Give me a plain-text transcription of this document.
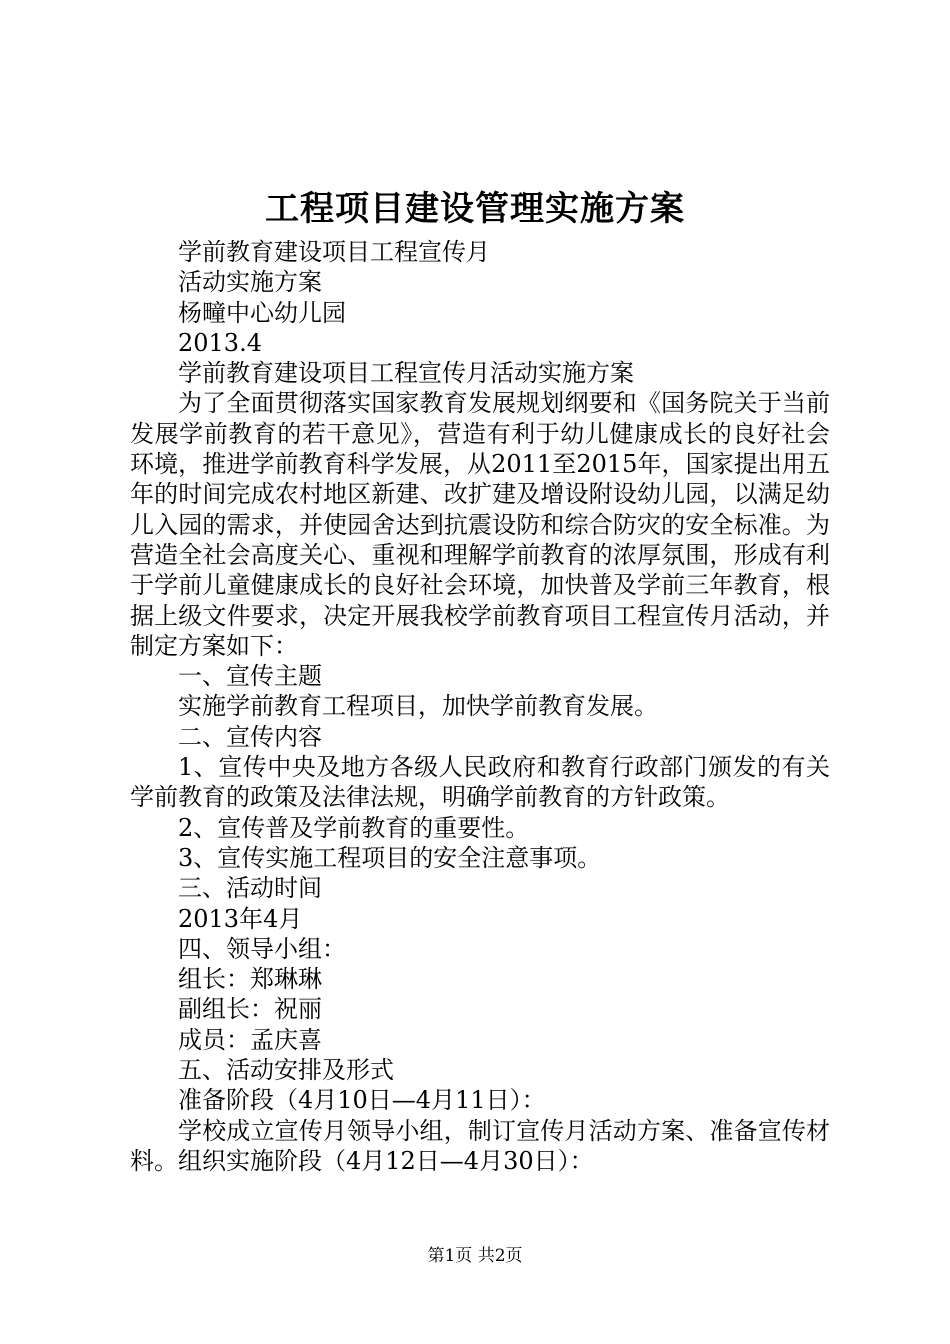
工程项目建设管理实施方案

学前教育建设项目工程宣传月

活动实施方案

杨疃中心幼儿园

2013.4

学前教育建设项目工程宣传月活动实施方案

为了全面贯彻落实国家教育发展规划纲要和《国务院关于当前发展学前教育的若干意见》，营造有利于幼儿健康成长的良好社会环境，推进学前教育科学发展，从2011至2015年，国家提出用五年的时间完成农村地区新建、改扩建及增设附设幼儿园，以满足幼儿入园的需求，并使园舍达到抗震设防和综合防灾的安全标准。为营造全社会高度关心、重视和理解学前教育的浓厚氛围，形成有利于学前儿童健康成长的良好社会环境，加快普及学前三年教育，根据上级文件要求，决定开展我校学前教育项目工程宣传月活动，并制定方案如下：

一、宣传主题

实施学前教育工程项目，加快学前教育发展。

二、宣传内容

1、宣传中央及地方各级人民政府和教育行政部门颁发的有关学前教育的政策及法律法规，明确学前教育的方针政策。

2、宣传普及学前教育的重要性。

3、宣传实施工程项目的安全注意事项。

三、活动时间

2013年4月

四、领导小组：

组长：郑琳琳

副组长：祝丽

成员：孟庆喜

五、活动安排及形式

准备阶段（4月10日—4月11日）：

学校成立宣传月领导小组，制订宣传月活动方案、准备宣传材料。组织实施阶段（4月12日—4月30日）：

第1页 共2页
